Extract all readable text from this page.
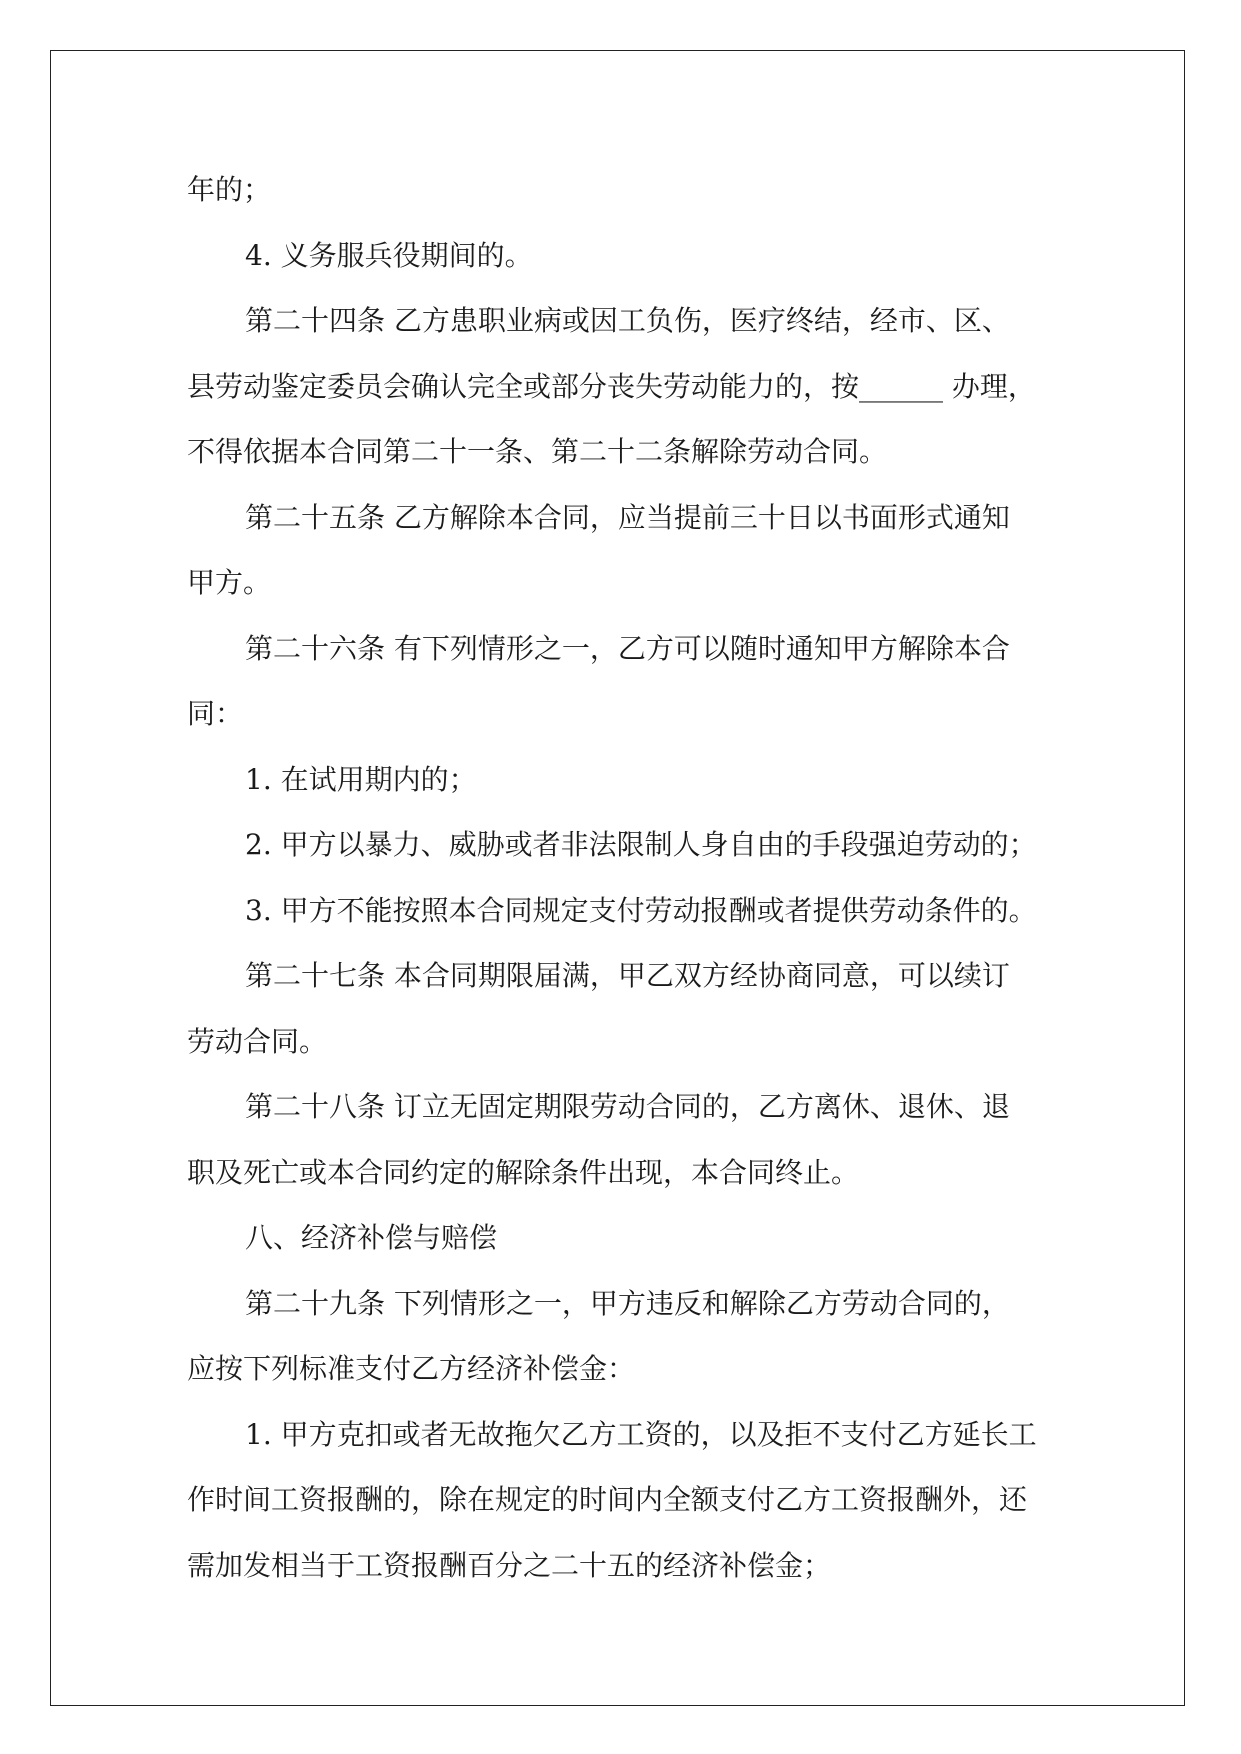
年的；

4. 义务服兵役期间的。

第二十四条 乙方患职业病或因工负伤，医疗终结，经市、区、

县劳动鉴定委员会确认完全或部分丧失劳动能力的，按______ 办理，

不得依据本合同第二十一条、第二十二条解除劳动合同。

第二十五条 乙方解除本合同，应当提前三十日以书面形式通知

甲方。

第二十六条 有下列情形之一，乙方可以随时通知甲方解除本合

同：

1. 在试用期内的；

2. 甲方以暴力、威胁或者非法限制人身自由的手段强迫劳动的；

3. 甲方不能按照本合同规定支付劳动报酬或者提供劳动条件的。

第二十七条 本合同期限届满，甲乙双方经协商同意，可以续订

劳动合同。

第二十八条 订立无固定期限劳动合同的，乙方离休、退休、退

职及死亡或本合同约定的解除条件出现，本合同终止。

八、经济补偿与赔偿

第二十九条 下列情形之一，甲方违反和解除乙方劳动合同的，

应按下列标准支付乙方经济补偿金：

1. 甲方克扣或者无故拖欠乙方工资的，以及拒不支付乙方延长工

作时间工资报酬的，除在规定的时间内全额支付乙方工资报酬外，还

需加发相当于工资报酬百分之二十五的经济补偿金；
